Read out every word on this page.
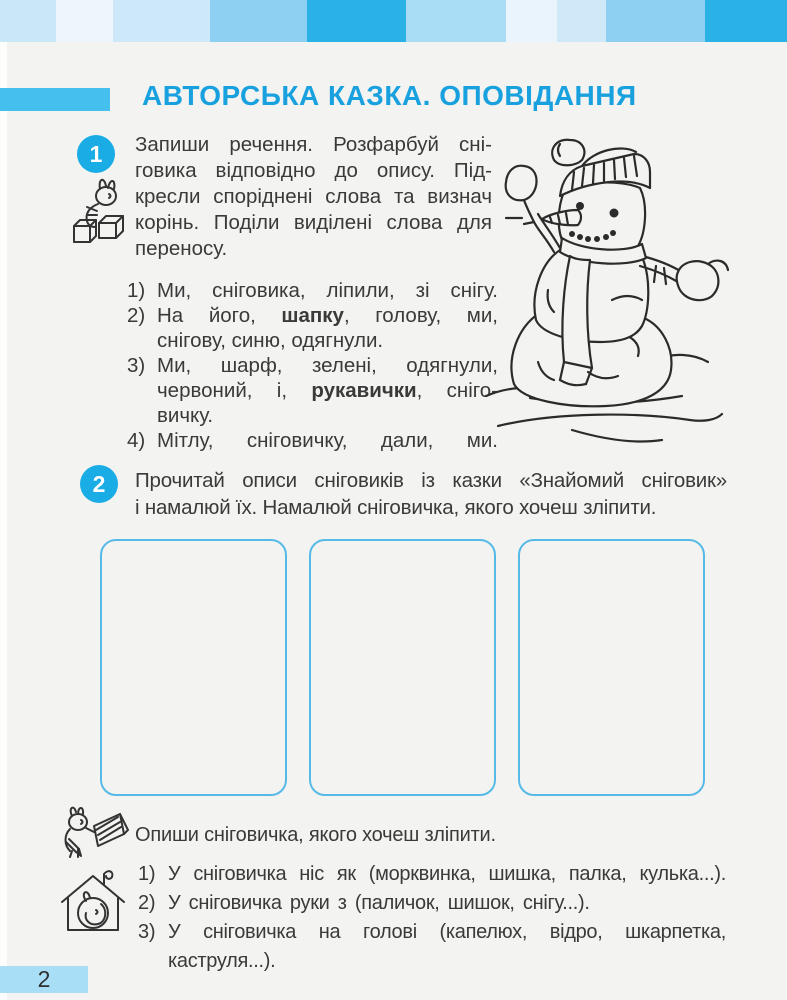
АВТОРСЬКА КАЗКА. ОПОВІДАННЯ
1 Запиши речення. Розфарбуй сні-
говика відповідно до опису. Під-
кресли споріднені слова та визнач
корінь. Поділи виділені слова для
переносу.
1) Ми, сніговика, ліпили, зі снігу.
2) На його, шапку, голову, ми,
снігову, синю, одягнули.
3) Ми, шарф, зелені, одягнули,
червоний, і, рукавички, сніго-
вичку.
4) Мітлу, сніговичку, дали, ми.
2 Прочитай описи сніговиків із казки «Знайомий сніговик»
і намалюй їх. Намалюй сніговичка, якого хочеш зліпити.
Опиши сніговичка, якого хочеш зліпити.
1) У сніговичка ніс як (морквинка, шишка, палка, кулька...).
2) У сніговичка руки з (паличок, шишок, снігу...).
3) У сніговичка на голові (капелюх, відро, шкарпетка,
каструля...).
2
